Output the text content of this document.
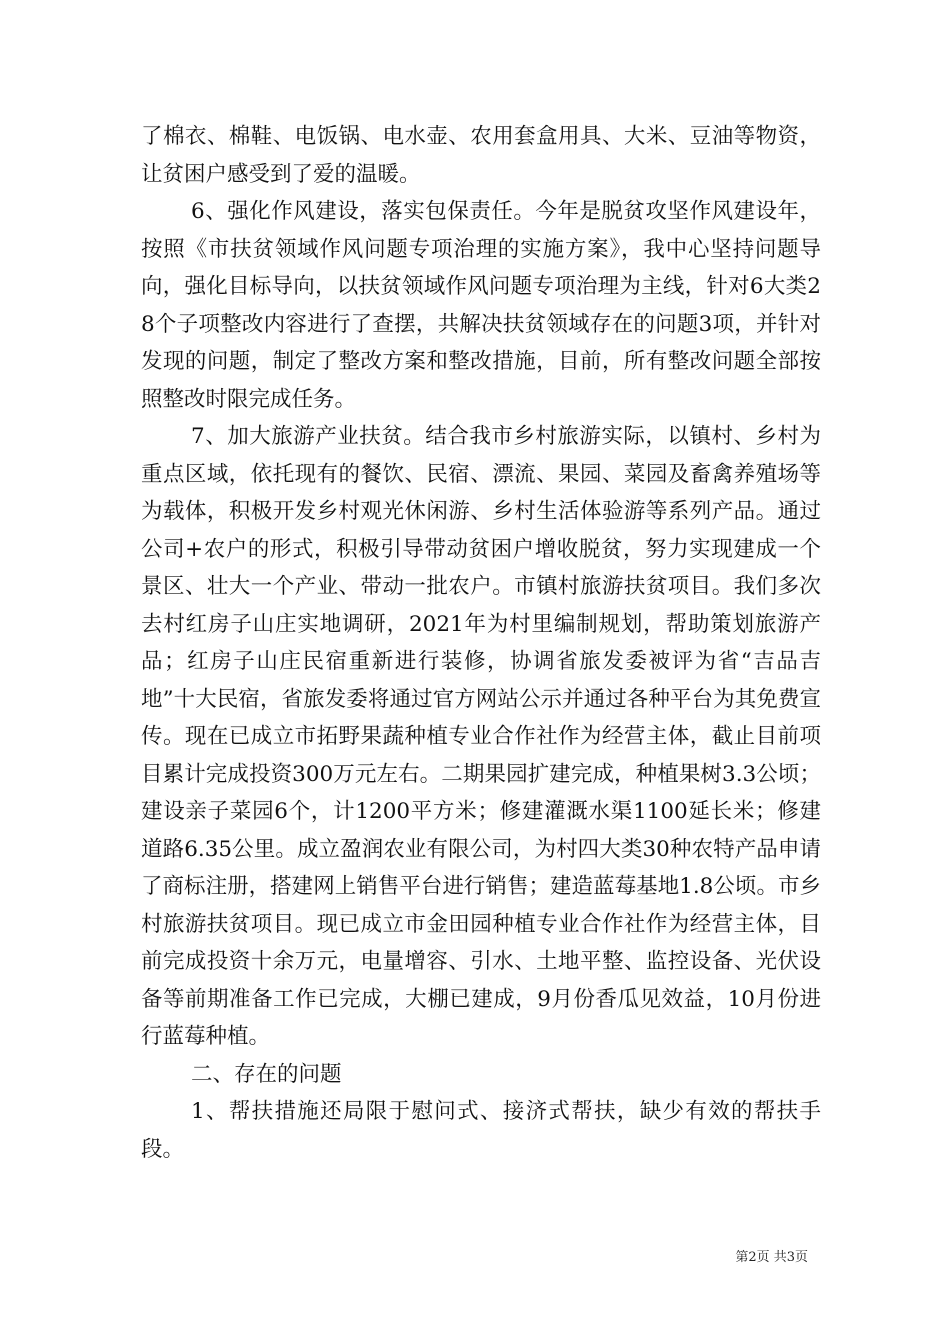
了棉衣、棉鞋、电饭锅、电水壶、农用套盒用具、大米、豆油等物资，让贫困户感受到了爱的温暖。

6、强化作风建设，落实包保责任。今年是脱贫攻坚作风建设年，按照《市扶贫领域作风问题专项治理的实施方案》，我中心坚持问题导向，强化目标导向，以扶贫领域作风问题专项治理为主线，针对6大类28个子项整改内容进行了查摆，共解决扶贫领域存在的问题3项，并针对发现的问题，制定了整改方案和整改措施，目前，所有整改问题全部按照整改时限完成任务。

7、加大旅游产业扶贫。结合我市乡村旅游实际，以镇村、乡村为重点区域，依托现有的餐饮、民宿、漂流、果园、菜园及畜禽养殖场等为载体，积极开发乡村观光休闲游、乡村生活体验游等系列产品。通过公司+农户的形式，积极引导带动贫困户增收脱贫，努力实现建成一个景区、壮大一个产业、带动一批农户。市镇村旅游扶贫项目。我们多次去村红房子山庄实地调研，2021年为村里编制规划，帮助策划旅游产品；红房子山庄民宿重新进行装修，协调省旅发委被评为省“吉品吉地”十大民宿，省旅发委将通过官方网站公示并通过各种平台为其免费宣传。现在已成立市拓野果蔬种植专业合作社作为经营主体，截止目前项目累计完成投资300万元左右。二期果园扩建完成，种植果树3.3公顷；建设亲子菜园6个，计1200平方米；修建灌溉水渠1100延长米；修建道路6.35公里。成立盈润农业有限公司，为村四大类30种农特产品申请了商标注册，搭建网上销售平台进行销售；建造蓝莓基地1.8公顷。市乡村旅游扶贫项目。现已成立市金田园种植专业合作社作为经营主体，目前完成投资十余万元，电量增容、引水、土地平整、监控设备、光伏设备等前期准备工作已完成，大棚已建成，9月份香瓜见效益，10月份进行蓝莓种植。

二、存在的问题

1、帮扶措施还局限于慰问式、接济式帮扶，缺少有效的帮扶手段。

第2页 共3页
